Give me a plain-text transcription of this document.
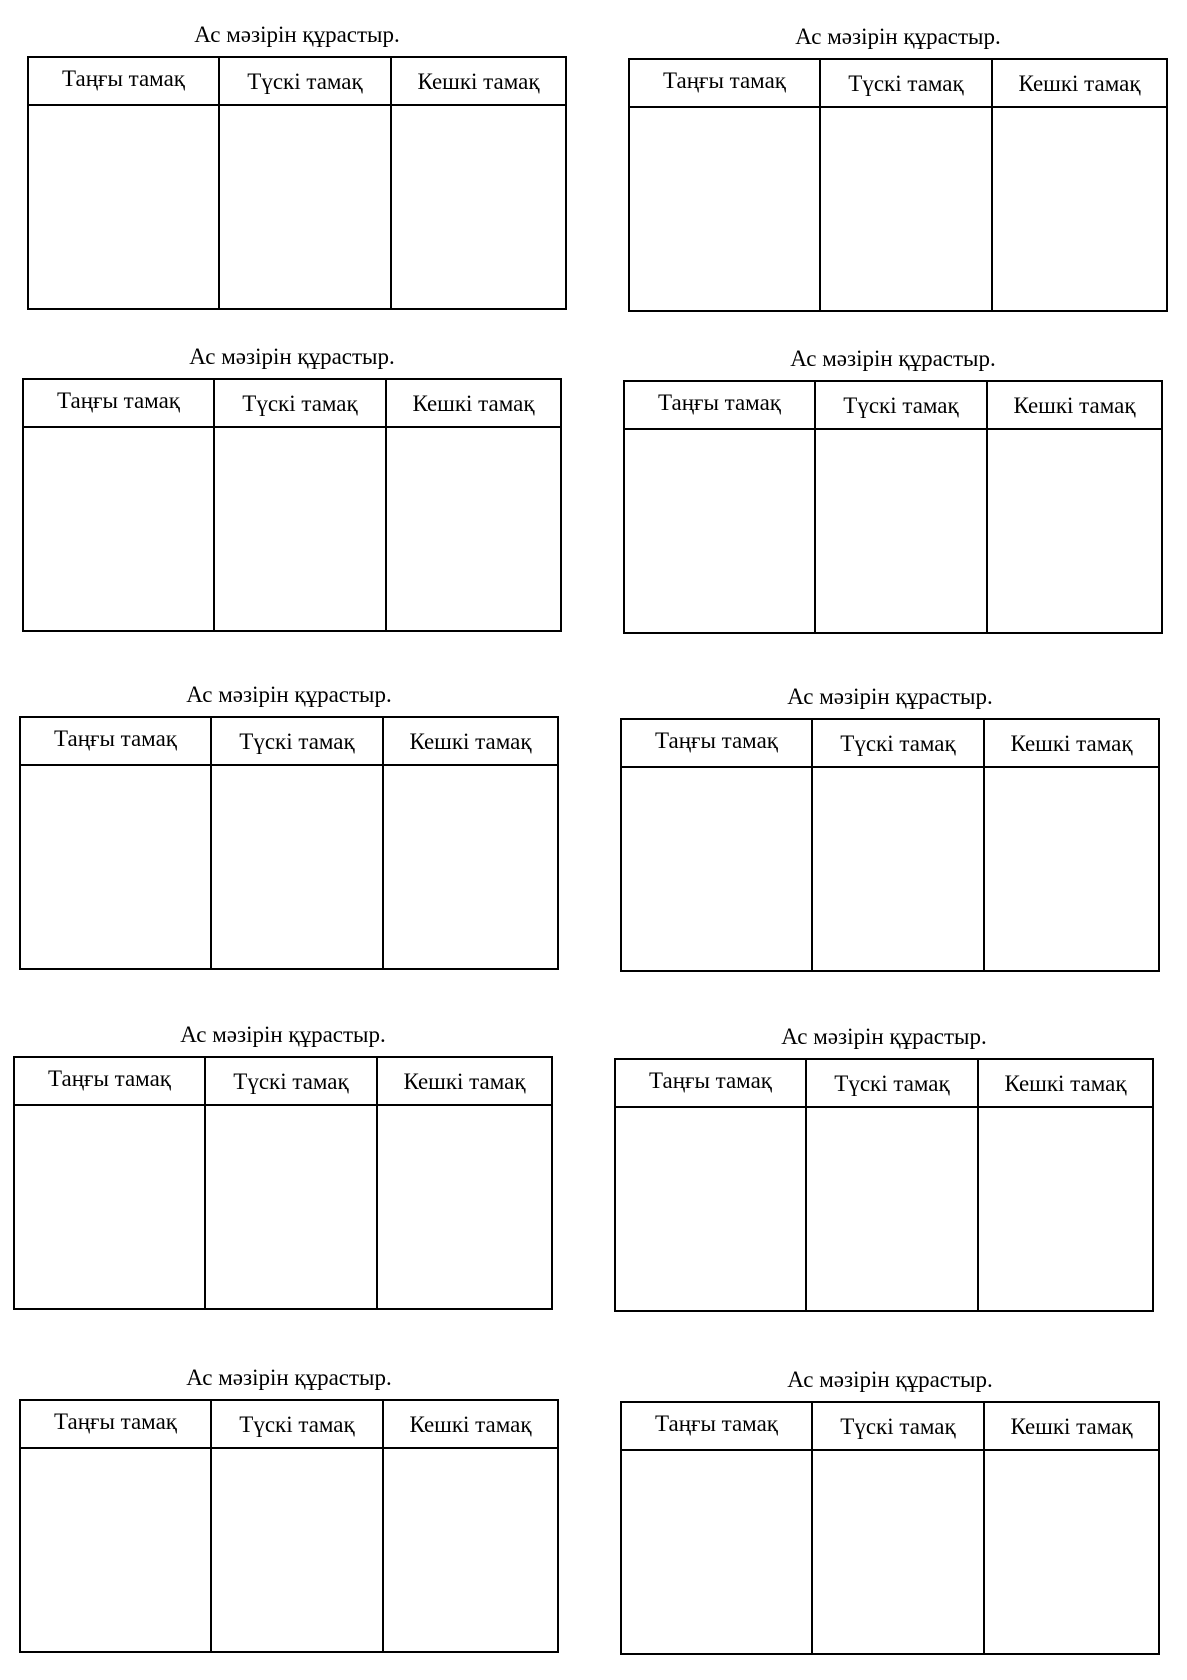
Ас мәзірін құрастыр.
Таңғы тамақ	Түскі тамақ	Кешкі тамақ
Ас мәзірін құрастыр.
Таңғы тамақ	Түскі тамақ	Кешкі тамақ
Ас мәзірін құрастыр.
Таңғы тамақ	Түскі тамақ	Кешкі тамақ
Ас мәзірін құрастыр.
Таңғы тамақ	Түскі тамақ	Кешкі тамақ
Ас мәзірін құрастыр.
Таңғы тамақ	Түскі тамақ	Кешкі тамақ
Ас мәзірін құрастыр.
Таңғы тамақ	Түскі тамақ	Кешкі тамақ
Ас мәзірін құрастыр.
Таңғы тамақ	Түскі тамақ	Кешкі тамақ
Ас мәзірін құрастыр.
Таңғы тамақ	Түскі тамақ	Кешкі тамақ
Ас мәзірін құрастыр.
Таңғы тамақ	Түскі тамақ	Кешкі тамақ
Ас мәзірін құрастыр.
Таңғы тамақ	Түскі тамақ	Кешкі тамақ
